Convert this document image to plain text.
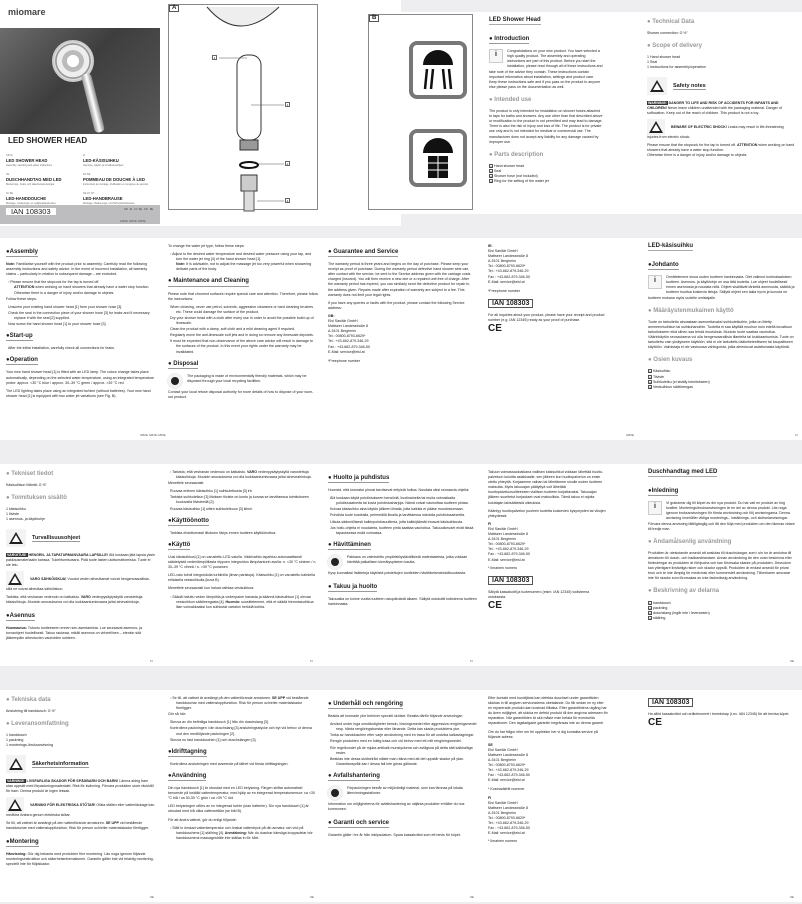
miomare
LED SHOWER HEAD
GB IE
LED SHOWER HEAD
Assembly, operating and safety instructions
FI
LED-KÄSISUIHKU
Asennus-, käyttö- ja turvallisuusohjeet
SE
DUSCHHANDTAG MED LED
Monterings-, bruks- och säkerhetsanvisningar
FR BE
POMMEAU DE DOUCHE À LED
Instructions de montage, d'utilisation et consignes de sécurité
NL BE
LED-HANDDOUCHE
Montage-, bedienings- en veiligheidsinstructies
DE AT CH
LED-HANDBRAUSE
Montage-, Bedienungs- und Sicherheitshinweise
IAN 108303	GB · IE · FI / SE · FR · BE
A
4
1
2
3
GB/IE GB/IE GB/IE
B	LED Shower Head
● Introduction
i

Congratulations on your new product. You have selected a high quality product. The assembly and operating instructions are part of this product. Before you start the installation, please read through all of these instructions and take note of the advice they contain. These instructions contain important information about installation, settings and product care. Keep these instructions safe and if you pass on the product to anyone else please pass on the documentation as well.

● Intended use

The product is only intended for installation on shower hoses attached to taps for baths and showers. Any use other than that described above or modification to the product is not permitted and may lead to damage. There is also the risk of injury and loss of life. The product is for private use only and is not intended for medical or commercial use. The manufacturer does not accept any liability for any damage caused by improper use.

● Parts description
1 Hand shower head
2 Seal
3 Shower hose (not included)
4 Ring for the setting of the water jet
● Technical Data

Shower connection: G ½"

● Scope of delivery
1 Hand shower head
1 Seal
1 Instructions for assembly/operation
Safety notes

WARNING! DANGER TO LIFE AND RISK OF ACCIDENTS FOR INFANTS AND CHILDREN! Never leave children unattended with the packaging material. Danger of suffocation. Keep out of the reach of children. This product is not a toy.

BEWARE OF ELECTRIC SHOCK! Leaks may result in life-threatening injuries from electric shock.

Please ensure that the stopcock for the tap is turned off. ATTENTION when working on hand showers that already have a water stop function.
Otherwise there is a danger of injury and/or damage to objects.

●Assembly

Note: Familiarise yourself with the product prior to assembly. Carefully read the following assembly instructions and safety advice. In the event of incorrect installation, all warranty claims – particularly in relation to subsequent damage – are excluded.

▫ Please ensure that the stopcock for the tap is turned off.
ATTENTION when working on hand showers that already have a water stop function.
Otherwise there is a danger of injury and/or damage to objects.

Follow these steps:

Unscrew your existing hand shower head [1] from your shower hose [3].
Check the seal in the connection piece of your shower hose [3] for leaks and if necessary replace it with the seal [2] supplied.
Now screw the hand shower head [1] to your shower hose [3].
●Start-up

After the initial installation, carefully check all connections for leaks.

●Operation

Your new hand shower head [1] is fitted with an LED lamp. The colour change takes place automatically, depending on the selected water temperature, using an integrated temperature probe: approx. <30 °C blue / approx. 30–39 °C green / approx. >39 °C red

The LED lighting takes place using an integrated turbine (without batteries). Your new hand shower head [1] is equipped with two water jet variations (see Fig. B).

To change the water jet type, follow these steps:

▫ Adjust to the desired water temperature and desired water pressure using your tap, and turn the water jet ring [4] of the hand shower head [1].
Note: It is advisable, not to adjust the massage jet too very powerful when showering delicate parts of the body.

● Maintenance and Cleaning

Please note that chromed surfaces require special care and attention. Therefore, please follow the instructions:

When cleaning, never use petrol, solvents, aggressive cleansers or hard cleaning brushes etc. These could damage the surface of the product.
Dry your shower head with a cloth after every use in order to avoid the possible build-up of limescale.
Clean the product with a damp, soft cloth and a mild cleaning agent if required.
Regularly move the anti-limescale soft jets and in doing so remove any limescale deposits.
It must be expected that non-observance of the above care advice will result in damage to the surfaces of the product. In this event your rights under the warranty may be invalidated.
● Disposal

The packaging is made of environmentally friendly materials, which may be disposed through your local recycling facilities.

Contact your local refuse disposal authority for more details of how to dispose of your worn-out product.

GB/IE GB/IE GB/IE
● Guarantee and Service

The warranty period is three years and begins on the day of purchase. Please keep your receipt as proof of purchase. During the warranty period defective hand shower sets can, after contact with the service, be sent to the Service address given with the carriage costs charged (insured). You will then receive a new one or a repaired unit free of charge. After the warranty period has expired, you can similarly send the defective product for repair to the address given. Repairs made after expiration of warranty are subject to a fee. This warranty does not limit your legal rights.

If you have any queries or faults with the product, please contact the following Service address:

GB:

Eisl Sanitär GmbH

Mattseer Landesstraße 8

A-5101 Bergheim

Tel.: 00800-8793-6629*

Tel.: +43-662-879-346-29

Fax : +43-662-879-346-50

E-Mail: service@eisl.at

*Freephone number

IE:

Eisl Sanitär GmbH

Mattseer Landesstraße 8

A-5101 Bergheim

Tel.: 00800-8793-6629*

Tel.: +43-662-879-346-29

Fax : +43-662-879-346-50

E-Mail: service@eisl.at

*Freephone number

IAN 108303

For all inquiries about your product, please have your receipt and product number (e.g. IAN 12345) ready as your proof of purchase.

CE
LED-käsisuihku
●Johdanto
i

Onnittelemme sinua uuden tuotteen hankinnasta. Olet valinnut korkealaatuisen tuotteen. Asennus- ja käyttöohje on osa tätä tuotetta. Lue ohjeet huolellisesti ennen asennusta ja noudata niitä. Ohjeet sisältävät tärkeitä asennusta, säätöä ja tuotteen huoltoa koskevia tietoja. Säilytä ohjeet sen takia hyvin ja luovuta ne tuotteen mukana myös uudelle omistajalle.

● Määräystenmukainen käyttö

Tuote on tarkoitettu ainoastaan asennettavaksi suihkuletkuihin, jotka on liitetty ammeen/suihkun tai suihkuhanoihin. Tuotetta ei saa käyttää muuhun kuin edellä kuvattuun tarkoitukseen eikä siihen saa tehdä muutoksia. Muutoin tuote saattaa vaurioitua. Väärinkäytön seurauksena voi olla hengenvaarallisia tilanteita tai loukkaantumisia. Tuote on tarkoitettu vain yksityiseen käyttöön, sitä ei ole tarkoitettu lääketieteelliseen tai kaupalliseen käyttöön. Valmistaja ei ole vastuussa vahingoista, jotka aiheutuvat asiattomasta käytöstä.

● Osien kuvaus
1 Käsisuihku
2 Tiiviste
3 Suihkuletku (ei sisälly toimitukseen)
4 Vesisuihkun säätörengas
GB/IE	FI
● Tekniset tiedot

Käsisuihkun liitäntä: G ½"

● Toimituksen sisältö
1 käsisuihku
1 tiiviste
1 asennus- ja käyttöohje
Turvallisuusohjeet

VAROITUS! HENGEN- JA TAPATURMANVAARA LAPSILLE! Älä koskaan jätä lapsia yksin pakkausmateriaalin kanssa. Tukehtumisvaara. Pidä tuote lasten ulottumattomissa. Tuote ei ole lelu.

VARO SÄHKÖISKUA! Vuodot veden aiheuttamat voivat hengenvaarallisia, sillä ne voivat aiheuttaa sähköiskun.

Tarkista, että veshanan vedenulo on katkaistu. VARO vedenpysäytyskyllä varustettuja käsisuihkuja. Muutoin seurauksena voi olla loukkaantumisvaara ja/tai ainevahinkoja.

●Asennus

Huomautus: Tutustu tuotteeseen ennen sen asentamista. Lue seuraavat asennus- ja turvaohjeet huolellisesti. Takuu raukeaa, mikäli asennus on virheellinen – etenkin sitä jälkeenpäin aiheutuvien vaurioiden suhteen.

▫ Tarkista, että veshanan vedenulo on katkaistu. VARO vedenpysäytyskyllä varustettuja käsisuihkuja. Muutoin seurauksena voi olla loukkaantumisvaara ja/tai aineveahinkoja.

Menettele seuraavasti:

Ruuvaa entinen käsisuihku [1] suihkuletkusta [3] irti.
Tarkista suihkuletkun [3] liitoksen tiiviste on kunto ja korvaa se tarvittaessa toimitukseen kuuluvalla tiivisteellä [2].
Ruuvaa käsisuihku [1] sitten suihkuletkuun [3] kiinni.
●Käyttöönotto

Tarkista ehdottomasti liitoksen tiiviys ennen tuotteen käyttöönottoa.

●Käyttö

Uusi käsisuihkusi [1] on varustettu LED-valolla. Väärivaihto tapahtuu automaattisesti säädetyistä vedenlämpötilasta riippuen integroidun lämpöanturin avulla: n. <30 °C sininen / n. 30–39 °C vihreä / n. >39 °C punainen

LED-valo toimii integroidulla turbiinilla (ilman paristoja). Käsisuihku [1] on varustettu kahdella erilaisella vesisuihkulla (kuva B).

Menettele seuraavasti kun haluat vaihtaa vesisuihkua:

▫ Säädä haluttu veden lämpötila ja vedenpaine hanasta ja käännä käsisuihkun [1] olevaa vesisuihkun säätörengasta [4]. Huomio: suosittelemme, että et säädä hierontasuihkua liian voimakkaaksi kun suihkutat vartalon herkkiä kohtia.

● Huolto ja puhdistus

Huomioi, että kromatut pinnat tarvitsevat erityistä hoitoa. Noudata siksi seuraavia ohjeita:

Älä koskaan käytä puhdistukseen bensiiniä, liuotinaineita tai muita voimakkaita puhdistusaineita tai kovia puhdistusharjoja. Nämä voivat vaurioittaa tuotteen pintaa.
Kuivaa käsisuihku aina käytön jälkeen liinalla, jotta kalkkia ei pääse muodostumaan.
Puhdista tuote kostealla, pehmeällä liinalla ja tarvittaessa miedolla puhdistusaineella.
Liikuta säännöllisesti kalkinpoistosuuttimia, jotta kalkkijäämät irtoavat käsisuihkusta.
Jos hoito-ohjeita ei noudateta, tuotteen pinta saattaa vaurioitua. Takuuoikeudet eivät tässä tapauksessa enää voimassa.
● Hävittäminen

Pakkaus on valmistettu ympäristöystävällisistä materiaaleista, jotka voidaan hävittää paikallisen kierrätyspisteen kautta.

Kysy kunnaltasi lisätietoja käytöstä poistettujen tuotteiden hävittämismahdollisuuksista.

● Takuu ja huolto

Takuuaika on kolme vuotta tuotteen ostopäivästä alkaen. Säilytä ostokuitti todisteena tuotteen hankinnasta.

Takuun voimassaoloaikana viallisen käsisuihkut voidaan lähettää huolto-palveluun kuluitta asiakkaalle, sen jälkeen kun huoltopalvelun on ensin otettu yhteyttä. Korjaamme vaihan tai lähetämme sinulle uuden tuotteen maksutta. Myös takuuajan päätyttyä voit lähettää huoltopalveluosoitteeseen viallisen tuotteen korjattavaksi. Takuuajan jälkeen suoritetut korjaukset ovat maksullisia. Tämä takuu ei rajoita kuluttajan lakisääteisiä oikeuksia.

Kääntyy huoltopalvelun puoleen tuotetta koskevien kysymysten tai vikojen yhteydessä:

FI

Eisl Sanitär GmbH

Mattseer Landesstraße 8

A-5101 Bergheim

Tel.: 00800-8793-6629*

Tel.: +43-662-879-346-29

Fax : +43-662-879-346-50

E-Mail: service@eisl.at

* Ilmainen numero

IAN 108303

Säilytä kassakuitti ja tuotenumero (esim. IAN 12345) todisteena ostoksesta.

CE
Duschhandtag med LED
●Inledning
i

Vi gratulerar dig till köpet av din nya produkt. Du har valt en produkt av hög kvalitet. Monterings/bruksanvisningen är en del av denna produkt. Läs noga igenom bruksanvisningen för första användning och följ anvisningarna. Denna anvisning innehåller viktiga monterings-, inställnings- och skötselanvisningar. Förvara denna anvisning lättillgänglig och låt den följa med produkten om den lämnas vidare till tredje man.

● Ändamålsenlig användning

Produkten är uteslutande avsedd att anslutas till duschslangar, som i sin tur är anslutna till armaturen till dusch- och badkarsblandare. Annan användning än den ovan beskrivna eller förändringar av produkten är förbjudna och kan förorsaka skador på produkten. Dessutom kan ytterligare livsfarliga risker och skador uppstå. Produkten är endast avsedd för privat bruk och är inte lämplig för medicinsk eller kommersiell användning. Tillverkaren ansvarar inte för skador som förorsakas av icke fackmässig användning.

● Beskrivning av delarna
1 handdusch
2 packning
3 duschslang (ingår inte i leveransen)
4 ställring
FI	FI	FI	SE
● Tekniska data

Anslutning till handdusch: G ½"

● Leveransomfattning
1 handdusch
1 packning
1 monterings-/bruksanvisning
Säkerhetsinformation

VARNING! LIVSFARLIGA SKADOR FÖR SPÄDBARN OCH BARN! Lämna aldrig barn utan uppsikt med förpackningsmaterialet. Risk för kvävning. Förvara produkten utom räckhåll för barn. Denna produkt är ingen leksak.

VARNING FÖR ELEKTRISKA STÖTAR! Otäta ställen eller vattenläckage kan medföra livsfara genom elektriska stötar.

Se till, att vattnet är avstängt på den vattenförande armaturen. SE UPP vid bestående handduschar med vattenstoppfunktion. Risk för person och/eller materialskador föreligger.

●Montering

Hänvisning: Gör dig bekanta med produkten före montering. Läs noga igenom följande monteringsinstruktion och säkerhetsinformationen. Garantin gäller inte vid felaktig montering, speciellt inte för följdskador.

▫ Se till, att vattnet är avstängt på den vattenförande armaturen. SE UPP vid bestående handduschar med vattenstoppfunktion. Risk för person och/eller materialskador föreligger.

Gör så här:

Skruva av din befintliga handdusch [1] från din duschslang [3].
Kontrollera packningen i din duschslang [3] anslutningsstycke och byt vid behov ut denna mot den medföljande packningen [2].
Skruva nu fast handduschen [1] och duschslangen [3].
●Idrifttagning

Kontrollera anslutningen med avseende på täthet vid första idrifttagningen.

●Användning

Din nya handdusch [1] är utrustad med en LED belysning. Färgen skiftar automatiskt beroende på inställd vattentemperatur, med hjälp av en integrerad temperatursensor: ca <30 °C blå / ca 30-39 °C grön / ca >39 °C röd

LED belysningen utförs av en integrerad turbin (utan batterier). Din nya handdusch [1] är utrustad med två olika vattenstrålar (se bild B).

För att ändra vattnet, gör du enligt följande:

▫ Ställ in önskad vattentemperatur och önskat vattentryck på din armatur och vrid på handduschens [1] ställring [4]. Anmärkning: När du duschar känsliga kroppsdelar bör handduschens massagestråle inte ställas in för hårt.

● Underhåll och rengöring

Beakta att kromade ytor behöver speciell skötsel. Beakta därför följande anvisningar:

Använd under inga omständigheter bensin, lösningsmedel eller aggressiva rengöringsmedel resp. hårda rengöringsborstar eller liknande. Detta kan skada produktens ytor.
Torka av handduschen efter varje användning med en trasa för att undvika kalkavlagringar.
Rengör produkten med en fuktig trasa och vid behov med ett milt rengöringsmedel.
Rör regelbundet på de mjuka antikalk munstyckena och avlägsna på detta sätt kalkhaltiga rester.
Beaktas inte dessa skötselråd måste man räkna med att det uppstår skador på ytan. Garantianspråk kan i dessa fall inte göras gällande.
● Avfallshantering

Förpackningen består av miljövänligt material, som kan lämnas på lokala återvinningsstationer.

Information om möjligheterna för avfallshantering av uttjänta produkter erhåller du hos kommunen.

● Garanti och service

Garantin gäller i tre år från inköpsdatum. Spara kassakvittot som ett bevis för köpet.

Efter kontakt med kundtjänst kan defekta duschset under garantitiden skickas in till angiven serviceadress obetalande. Du får sedan en ny eller en reparerade produkt utan kostnad tillbaka. Efter garantitidens utgång har du även möjlighet, att skicka en defekt produkt till den angivna adressen för reparation. När garantitiden är slut måste man betala för eventuella reparationer. Den lagstadgade garantin begränsas inte av denna garanti.

Om du har frågor eller om fel uppträder ber vi dig kontakta service på följande adress:

SE

Eisl Sanitär GmbH

Mattseer Landesstraße 8

A-5101 Bergheim

Tel.: 00800-8793-6629*

Tel.: +43-662-879-346-29

Fax : +43-662-879-346-50

E-Mail: service@eisl.at

* Kostnadsfritt nummer

FI

Eisl Sanitär GmbH

Mattseer Landesstraße 8

A-5101 Bergheim

Tel.: 00800-8793-6629*

Tel.: +43-662-879-346-29

Fax : +43-662-879-346-50

E-Mail: service@eisl.at

* Ilmainen numero

IAN 108303

Ha alltid kassakvittot och artikelnumret i beredskap (t.ex. IAN 12345) för att bevisa köpet.

CE
SE	SE	SE	SE
